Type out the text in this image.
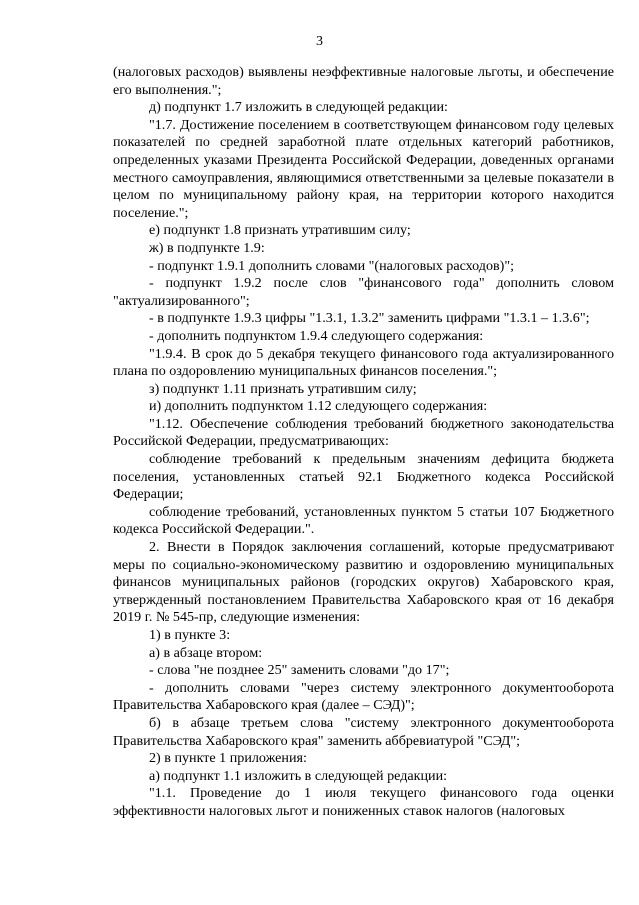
3

(налоговых расходов) выявлены неэффективные налоговые льготы, и обеспечение его выполнения.";

д) подпункт 1.7 изложить в следующей редакции:

"1.7. Достижение поселением в соответствующем финансовом году целевых показателей по средней заработной плате отдельных категорий работников, определенных указами Президента Российской Федерации, доведенных органами местного самоуправления, являющимися ответственными за целевые показатели в целом по муниципальному району края, на территории которого находится поселение.";

е) подпункт 1.8 признать утратившим силу;

ж) в подпункте 1.9:

- подпункт 1.9.1 дополнить словами "(налоговых расходов)";

- подпункт 1.9.2 после слов "финансового года" дополнить словом "актуализированного";

- в подпункте 1.9.3 цифры "1.3.1, 1.3.2" заменить цифрами "1.3.1 – 1.3.6";

- дополнить подпунктом 1.9.4 следующего содержания:

"1.9.4. В срок до 5 декабря текущего финансового года актуализированного плана по оздоровлению муниципальных финансов поселения.";

з) подпункт 1.11 признать утратившим силу;

и) дополнить подпунктом 1.12 следующего содержания:

"1.12. Обеспечение соблюдения требований бюджетного законодательства Российской Федерации, предусматривающих:

соблюдение требований к предельным значениям дефицита бюджета поселения, установленных статьей 92.1 Бюджетного кодекса Российской Федерации;

соблюдение требований, установленных пунктом 5 статьи 107 Бюджетного кодекса Российской Федерации.".

2. Внести в Порядок заключения соглашений, которые предусматривают меры по социально-экономическому развитию и оздоровлению муниципальных финансов муниципальных районов (городских округов) Хабаровского края, утвержденный постановлением Правительства Хабаровского края от 16 декабря 2019 г. № 545-пр, следующие изменения:

1) в пункте 3:

а) в абзаце втором:

- слова "не позднее 25" заменить словами "до 17";

- дополнить словами "через систему электронного документооборота Правительства Хабаровского края (далее – СЭД)";

б) в абзаце третьем слова "систему электронного документооборота Правительства Хабаровского края" заменить аббревиатурой "СЭД";

2) в пункте 1 приложения:

а) подпункт 1.1 изложить в следующей редакции:

"1.1. Проведение до 1 июля текущего финансового года оценки эффективности налоговых льгот и пониженных ставок налогов (налоговых
